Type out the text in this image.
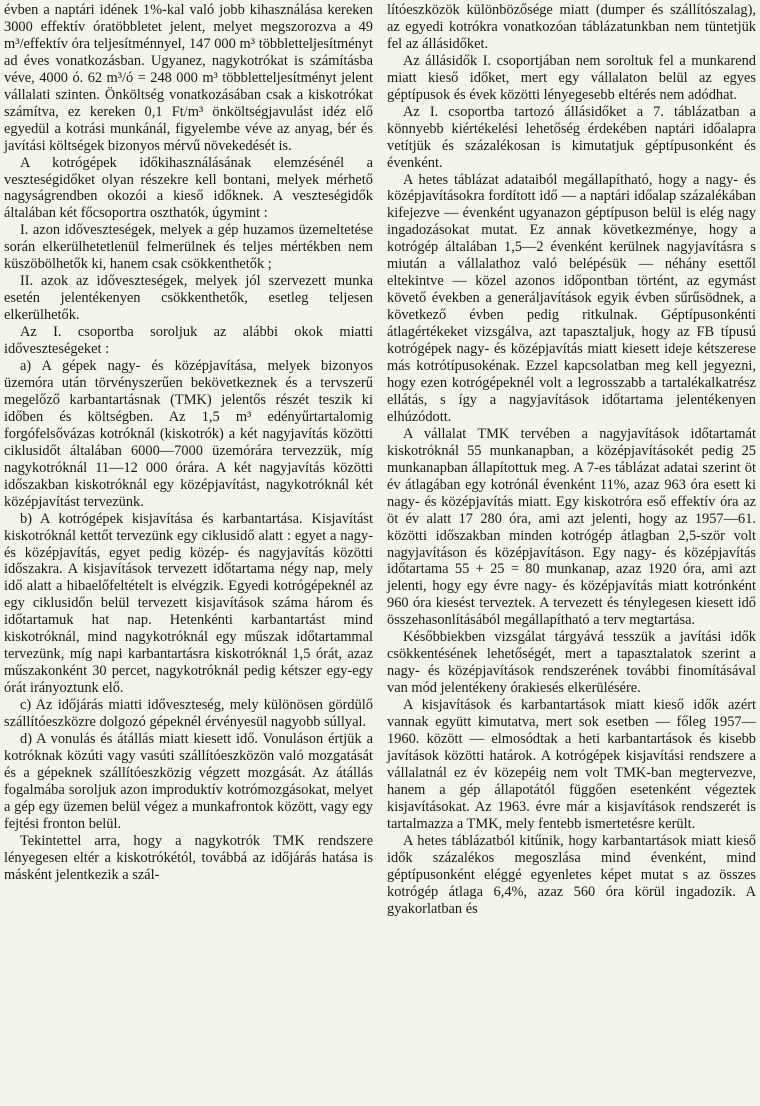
évben a naptári idének 1%-kal való jobb kihasználása kereken 3000 effektív óratöbbletet jelent, melyet megszorozva a 49 m³/effektív óra teljesítménnyel, 147 000 m³ többletteljesítményt ad éves vonatkozásban. Ugyanez, nagykotrókat is számításba véve, 4000 ó. 62 m³/ó = 248 000 m³ többletteljesítményt jelent vállalati szinten. Önköltség vonatkozásában csak a kiskotrókat számítva, ez kereken 0,1 Ft/m³ önköltségjavulást idéz elő egyedül a kotrási munkánál, figyelembe véve az anyag, bér és javítási költségek bizonyos mérvű növekedését is.

A kotrógépek időkihasználásának elemzésénél a veszteségidőket olyan részekre kell bontani, melyek mérhető nagyságrendben okozói a kieső időknek. A veszteségidők általában két főcsoportra oszthatók, úgymint :

I. azon időveszteségek, melyek a gép huzamos üzemeltetése során elkerülhetetlenül felmerülnek és teljes mértékben nem küszöbölhetők ki, hanem csak csökkenthetők ;

II. azok az időveszteségek, melyek jól szervezett munka esetén jelentékenyen csökkenthetők, esetleg teljesen elkerülhetők.

Az I. csoportba soroljuk az alábbi okok miatti időveszteségeket :

a) A gépek nagy- és középjavítása, melyek bizonyos üzemóra után törvényszerűen bekövetkeznek és a tervszerű megelőző karbantartásnak (TMK) jelentős részét teszik ki időben és költségben. Az 1,5 m³ edényűrtartalomig forgófelsővázas kotróknál (kiskotrók) a két nagyjavítás közötti ciklusidőt általában 6000—7000 üzemórára tervezzük, míg nagykotróknál 11—12 000 órára. A két nagyjavítás közötti időszakban kiskotróknál egy középjavítást, nagykotróknál két középjavítást tervezünk.

b) A kotrógépek kisjavítása és karbantartása. Kisjavítást kiskotróknál kettőt tervezünk egy ciklusidő alatt : egyet a nagy- és középjavítás, egyet pedig közép- és nagyjavítás közötti időszakra. A kisjavítások tervezett időtartama négy nap, mely idő alatt a hibaelőfeltételt is elvégzik. Egyedi kotrógépeknél az egy ciklusidőn belül tervezett kisjavítások száma három és időtartamuk hat nap. Hetenkénti karbantartást mind kiskotróknál, mind nagykotróknál egy műszak időtartammal tervezünk, míg napi karbantartásra kiskotróknál 1,5 órát, azaz műszakonként 30 percet, nagykotróknál pedig kétszer egy-egy órát irányoztunk elő.

c) Az időjárás miatti időveszteség, mely különösen gördülő szállítóeszközre dolgozó gépeknél érvényesül nagyobb súllyal.

d) A vonulás és átállás miatt kiesett idő. Vonuláson értjük a kotróknak közúti vagy vasúti szállítóeszközön való mozgatását és a gépeknek szállítóeszközig végzett mozgását. Az átállás fogalmába soroljuk azon improduktív kotrómozgásokat, melyet a gép egy üzemen belül végez a munkafrontok között, vagy egy fejtési fronton belül.

Tekintettel arra, hogy a nagykotrók TMK rendszere lényegesen eltér a kiskotrókétól, továbbá az időjárás hatása is másként jelentkezik a szál-

lítóeszközök különbözősége miatt (dumper és szállítószalag), az egyedi kotrókra vonatkozóan táblázatunkban nem tüntetjük fel az állásidőket.

Az állásidők I. csoportjában nem soroltuk fel a munkarend miatt kieső időket, mert egy vállalaton belül az egyes géptípusok és évek közötti lényegesebb eltérés nem adódhat.

Az I. csoportba tartozó állásidőket a 7. táblázatban a könnyebb kiértékelési lehetőség érdekében naptári időalapra vetítjük és százalékosan is kimutatjuk géptípusonként és évenként.

A hetes táblázat adataiból megállapítható, hogy a nagy- és középjavításokra fordított idő — a naptári időalap százalékában kifejezve — évenként ugyanazon géptípuson belül is elég nagy ingadozásokat mutat. Ez annak következménye, hogy a kotrógép általában 1,5—2 évenként kerülnek nagyjavításra s miután a vállalathoz való belépésük — néhány esettől eltekintve — közel azonos időpontban történt, az egymást követő években a generáljavítások egyik évben sűrűsödnek, a következő évben pedig ritkulnak. Géptípusonkénti átlagértékeket vizsgálva, azt tapasztaljuk, hogy az FB típusú kotrógépek nagy- és középjavítás miatt kiesett ideje kétszerese más kotrótípusokénak. Ezzel kapcsolatban meg kell jegyezni, hogy ezen kotrógépeknél volt a legrosszabb a tartalékalkatrész ellátás, s így a nagyjavítások időtartama jelentékenyen elhúzódott.

A vállalat TMK tervében a nagyjavítások időtartamát kiskotróknál 55 munkanapban, a középjavításokét pedig 25 munkanapban állapítottuk meg. A 7-es táblázat adatai szerint öt év átlagában egy kotrónál évenként 11%, azaz 963 óra esett ki nagy- és középjavítás miatt. Egy kiskotróra eső effektív óra az öt év alatt 17 280 óra, ami azt jelenti, hogy az 1957—61. közötti időszakban minden kotrógép átlagban 2,5-ször volt nagyjavításon és középjavításon. Egy nagy- és középjavítás időtartama 55 + 25 = 80 munkanap, azaz 1920 óra, ami azt jelenti, hogy egy évre nagy- és középjavítás miatt kotrónként 960 óra kiesést terveztek. A tervezett és ténylegesen kiesett idő összehasonlításából megállapítható a terv megtartása.

Későbbiekben vizsgálat tárgyává tesszük a javítási idők csökkentésének lehetőségét, mert a tapasztalatok szerint a nagy- és középjavítások rendszerének további finomításával van mód jelentékeny órakiesés elkerülésére.

A kisjavítások és karbantartások miatt kieső idők azért vannak együtt kimutatva, mert sok esetben — főleg 1957—1960. között — elmosódtak a heti karbantartások és kisebb javítások közötti határok. A kotrógépek kisjavítási rendszere a vállalatnál ez év közepéig nem volt TMK-ban megtervezve, hanem a gép állapotától függően esetenként végeztek kisjavításokat. Az 1963. évre már a kisjavítások rendszerét is tartalmazza a TMK, mely fentebb ismertetésre került.

A hetes táblázatból kitűnik, hogy karbantartások miatt kieső idők százalékos megoszlása mind évenként, mind géptípusonként eléggé egyenletes képet mutat s az összes kotrógép átlaga 6,4%, azaz 560 óra körül ingadozik. A gyakorlatban és
